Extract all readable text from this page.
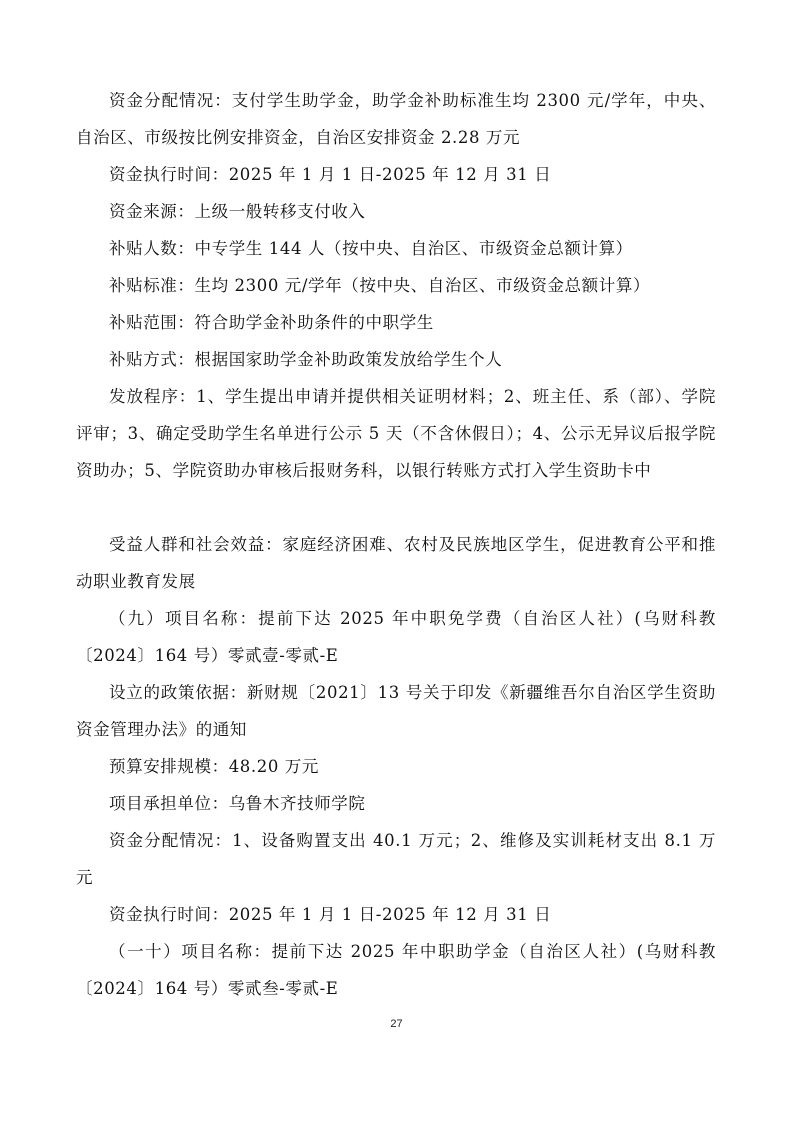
资金分配情况：支付学生助学金，助学金补助标准生均 2300 元/学年，中央、自治区、市级按比例安排资金，自治区安排资金 2.28 万元

资金执行时间：2025 年 1 月 1 日-2025 年 12 月 31 日

资金来源：上级一般转移支付收入

补贴人数：中专学生 144 人（按中央、自治区、市级资金总额计算）

补贴标准：生均 2300 元/学年（按中央、自治区、市级资金总额计算）

补贴范围：符合助学金补助条件的中职学生

补贴方式：根据国家助学金补助政策发放给学生个人

发放程序：1、学生提出申请并提供相关证明材料；2、班主任、系（部）、学院评审；3、确定受助学生名单进行公示 5 天（不含休假日）；4、公示无异议后报学院资助办；5、学院资助办审核后报财务科，以银行转账方式打入学生资助卡中

受益人群和社会效益：家庭经济困难、农村及民族地区学生，促进教育公平和推动职业教育发展

（九）项目名称：提前下达 2025 年中职免学费（自治区人社）(乌财科教〔2024〕164 号）零贰壹-零贰-E

设立的政策依据：新财规〔2021〕13 号关于印发《新疆维吾尔自治区学生资助资金管理办法》的通知

预算安排规模：48.20 万元

项目承担单位：乌鲁木齐技师学院

资金分配情况：1、设备购置支出 40.1 万元；2、维修及实训耗材支出 8.1 万元

资金执行时间：2025 年 1 月 1 日-2025 年 12 月 31 日

（一十）项目名称：提前下达 2025 年中职助学金（自治区人社）(乌财科教〔2024〕164 号）零贰叁-零贰-E

27
